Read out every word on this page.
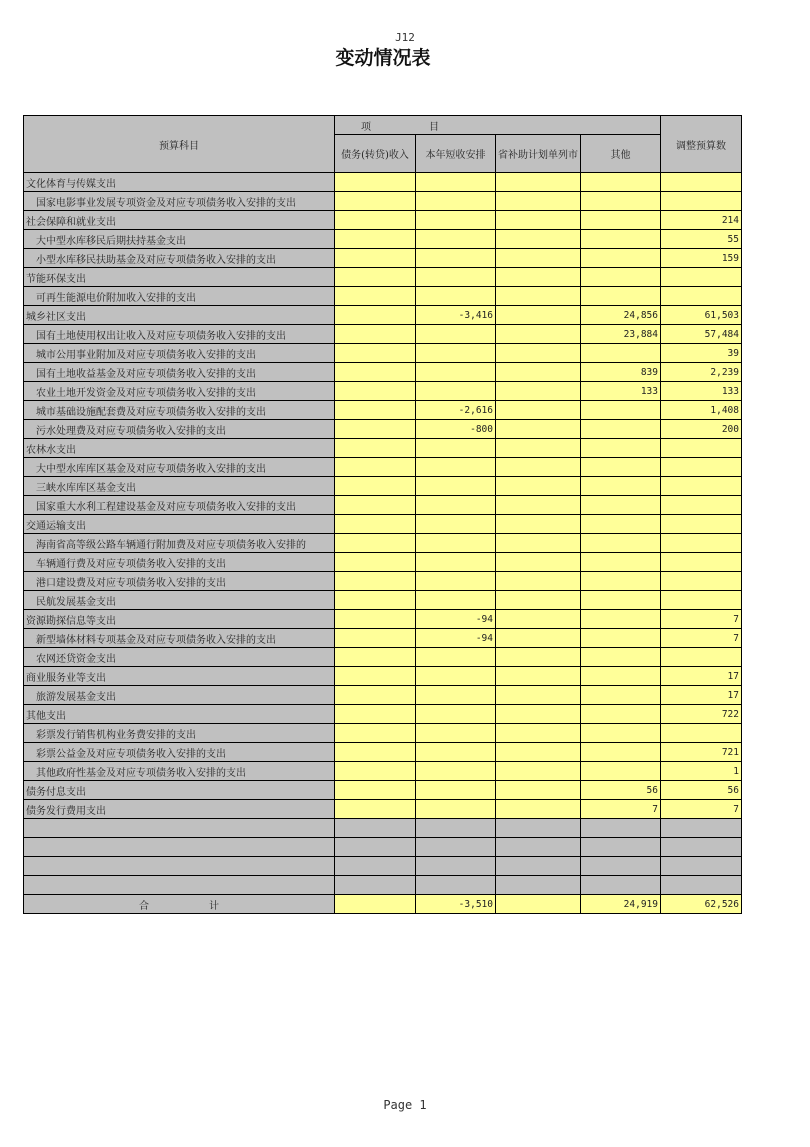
J12
变动情况表
预算科目	项 目				调整预算数
	债务(转贷)收入	本年短收安排	省补助计划单列市	其他	
文化体育与传媒支出					
国家电影事业发展专项资金及对应专项债务收入安排的支出					
社会保障和就业支出					214
大中型水库移民后期扶持基金支出					55
小型水库移民扶助基金及对应专项债务收入安排的支出					159
节能环保支出					
可再生能源电价附加收入安排的支出					
城乡社区支出		-3,416		24,856	61,503
国有土地使用权出让收入及对应专项债务收入安排的支出				23,884	57,484
城市公用事业附加及对应专项债务收入安排的支出					39
国有土地收益基金及对应专项债务收入安排的支出				839	2,239
农业土地开发资金及对应专项债务收入安排的支出				133	133
城市基础设施配套费及对应专项债务收入安排的支出		-2,616			1,408
污水处理费及对应专项债务收入安排的支出		-800			200
农林水支出					
大中型水库库区基金及对应专项债务收入安排的支出					
三峡水库库区基金支出					
国家重大水利工程建设基金及对应专项债务收入安排的支出					
交通运输支出					
海南省高等级公路车辆通行附加费及对应专项债务收入安排的					
车辆通行费及对应专项债务收入安排的支出					
港口建设费及对应专项债务收入安排的支出					
民航发展基金支出					
资源勘探信息等支出		-94			7
新型墙体材料专项基金及对应专项债务收入安排的支出		-94			7
农网还贷资金支出					
商业服务业等支出					17
旅游发展基金支出					17
其他支出					722
彩票发行销售机构业务费安排的支出					
彩票公益金及对应专项债务收入安排的支出					721
其他政府性基金及对应专项债务收入安排的支出					1
债务付息支出				56	56
债务发行费用支出				7	7

合 计		-3,510		24,919	62,526
Page 1
